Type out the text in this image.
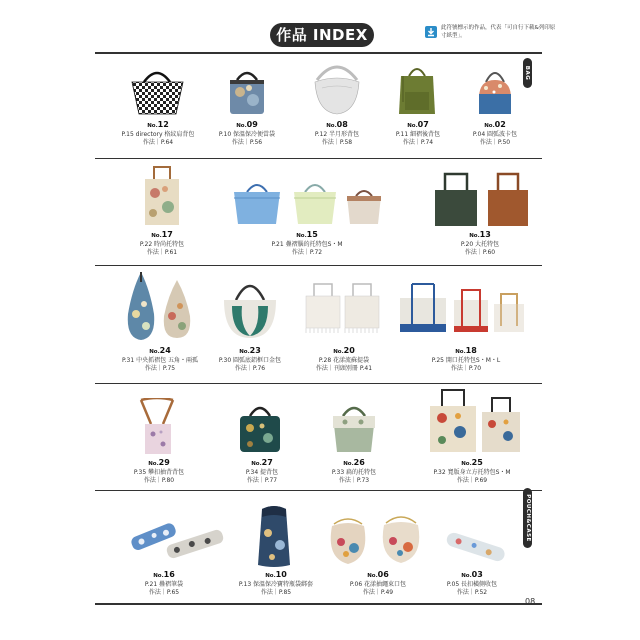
作品 INDEX	此符號標示的作品，代表「可自行下載&列印原寸紙型」。
BAG
POUCH&CASE
No.12
P.15 directory 格紋肩背包
作法｜P.64
No.09
P.10 保溫保冷便當袋
作法｜P.56
No.08
P.12 半月形背包
作法｜P.58
No.07
P.11 細褶後背包
作法｜P.74
No.02
P.04 圓弧波卡包
作法｜P.50
No.17
P.22 時尚托特包
作法｜P.61
No.15
P.21 疊褶腦的托特包S・M
作法｜P.72
No.13
P.20 大托特包
作法｜P.60
No.24
P.31 中央抓褶包 五角・兩孤
作法｜P.75
No.23
P.30 圓弧底鋁框口金包
作法｜P.76
No.20
P.28 花漾流蘇提袋
作法｜刊頭別冊 P.41
No.18
P.25 開口托特包S・M・L
作法｜P.70
No.29
P.35 攀扣抽背背包
作法｜P.80
No.27
P.34 提背包
作法｜P.77
No.26
P.33 扁的托特包
作法｜P.73
No.25
P.32 寬版身立方托特包S・M
作法｜P.69
No.16
P.21 疊褶筆袋
作法｜P.65
No.10
P.13 保溫保冷寶特瓶袋綁套
作法｜P.85
No.06
P.06 花漾抽繩束口包
作法｜P.49
No.03
P.05 長扣橫側收包
作法｜P.52
08
